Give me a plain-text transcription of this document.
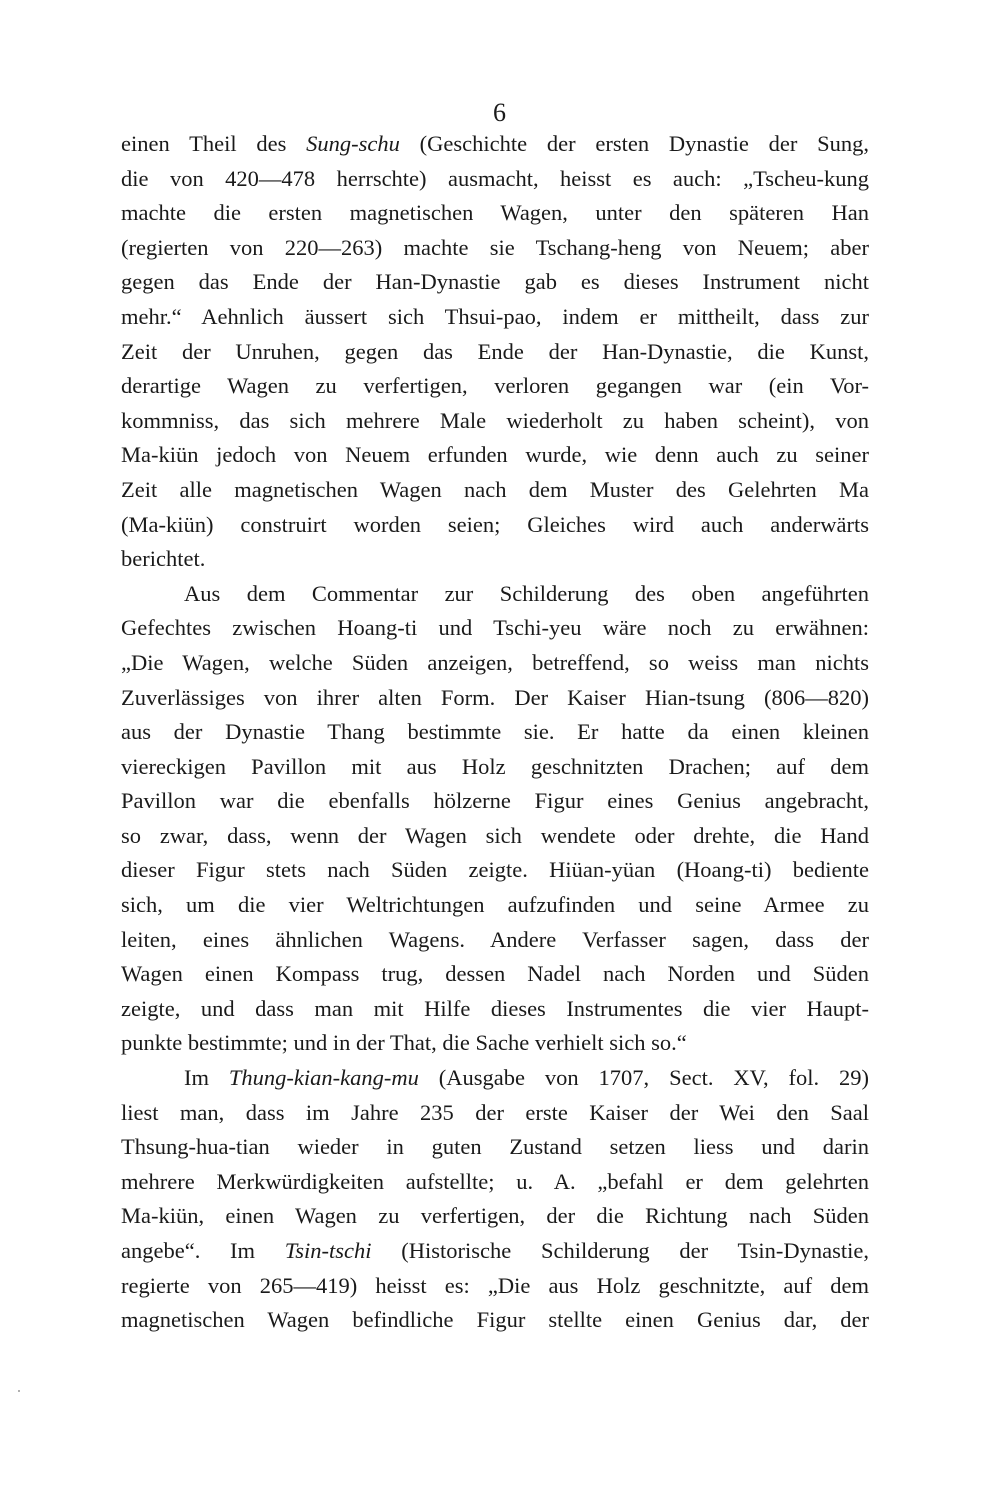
6
einen Theil des Sung-schu (Geschichte der ersten Dynastie der Sung,
die von 420—478 herrschte) ausmacht, heisst es auch: „Tscheu-kung
machte die ersten magnetischen Wagen, unter den späteren Han
(regierten von 220—263) machte sie Tschang-heng von Neuem; aber
gegen das Ende der Han-Dynastie gab es dieses Instrument nicht
mehr.“ Aehnlich äussert sich Thsui-pao, indem er mittheilt, dass zur
Zeit der Unruhen, gegen das Ende der Han-Dynastie, die Kunst,
derartige Wagen zu verfertigen, verloren gegangen war (ein Vor-
kommniss, das sich mehrere Male wiederholt zu haben scheint), von
Ma-kiün jedoch von Neuem erfunden wurde, wie denn auch zu seiner
Zeit alle magnetischen Wagen nach dem Muster des Gelehrten Ma
(Ma-kiün) construirt worden seien; Gleiches wird auch anderwärts
berichtet.
Aus dem Commentar zur Schilderung des oben angeführten
Gefechtes zwischen Hoang-ti und Tschi-yeu wäre noch zu erwähnen:
„Die Wagen, welche Süden anzeigen, betreffend, so weiss man nichts
Zuverlässiges von ihrer alten Form. Der Kaiser Hian-tsung (806—820)
aus der Dynastie Thang bestimmte sie. Er hatte da einen kleinen
viereckigen Pavillon mit aus Holz geschnitzten Drachen; auf dem
Pavillon war die ebenfalls hölzerne Figur eines Genius angebracht,
so zwar, dass, wenn der Wagen sich wendete oder drehte, die Hand
dieser Figur stets nach Süden zeigte. Hiüan-yüan (Hoang-ti) bediente
sich, um die vier Weltrichtungen aufzufinden und seine Armee zu
leiten, eines ähnlichen Wagens. Andere Verfasser sagen, dass der
Wagen einen Kompass trug, dessen Nadel nach Norden und Süden
zeigte, und dass man mit Hilfe dieses Instrumentes die vier Haupt-
punkte bestimmte; und in der That, die Sache verhielt sich so.“
Im Thung-kian-kang-mu (Ausgabe von 1707, Sect. XV, fol. 29)
liest man, dass im Jahre 235 der erste Kaiser der Wei den Saal
Thsung-hua-tian wieder in guten Zustand setzen liess und darin
mehrere Merkwürdigkeiten aufstellte; u. A. „befahl er dem gelehrten
Ma-kiün, einen Wagen zu verfertigen, der die Richtung nach Süden
angebe“. Im Tsin-tschi (Historische Schilderung der Tsin-Dynastie,
regierte von 265—419) heisst es: „Die aus Holz geschnitzte, auf dem
magnetischen Wagen befindliche Figur stellte einen Genius dar, der
